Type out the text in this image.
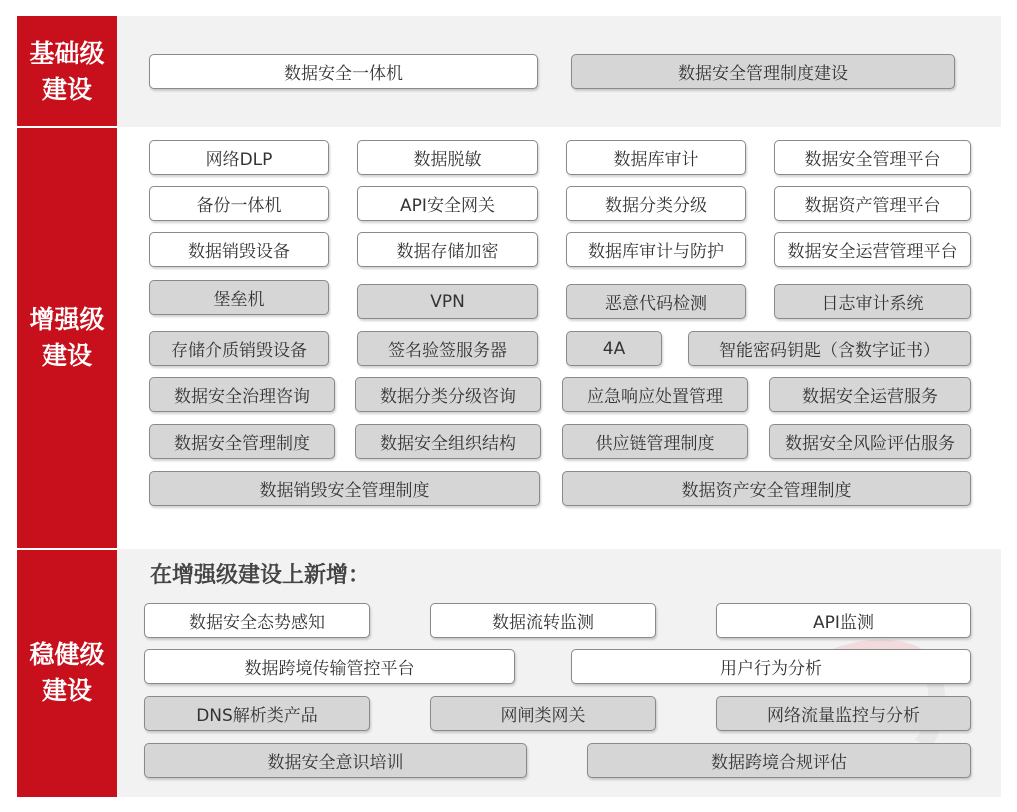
基础级
建设
增强级
建设
稳健级
建设
数据安全一体机	数据安全管理制度建设
网络DLP	数据脱敏	数据库审计	数据安全管理平台
备份一体机	API安全网关	数据分类分级	数据资产管理平台
数据销毁设备	数据存储加密	数据库审计与防护	数据安全运营管理平台
堡垒机	VPN	恶意代码检测	日志审计系统
存储介质销毁设备	签名验签服务器	4A	智能密码钥匙（含数字证书）
数据安全治理咨询	数据分类分级咨询	应急响应处置管理	数据安全运营服务
数据安全管理制度	数据安全组织结构	供应链管理制度	数据安全风险评估服务
数据销毁安全管理制度	数据资产安全管理制度
在增强级建设上新增：
数据安全态势感知	数据流转监测	API监测
数据跨境传输管控平台	用户行为分析
DNS解析类产品	网闸类网关	网络流量监控与分析
数据安全意识培训	数据跨境合规评估
